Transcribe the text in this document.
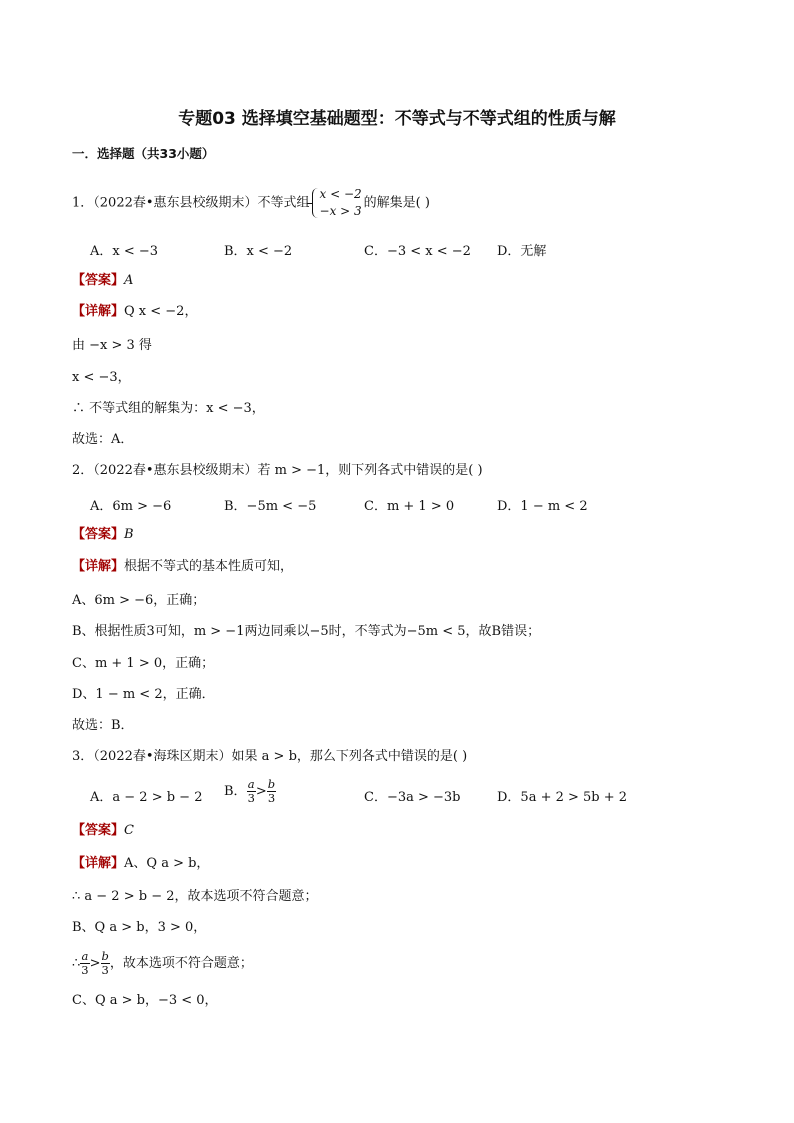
专题03 选择填空基础题型：不等式与不等式组的性质与解
一．选择题（共33小题）
1．（2022春•惠东县校级期末）不等式组
x < −2
−x > 3
的解集是( )
A．x < −3	B．x < −2	C．−3 < x < −2 D．无解
【答案】A
【详解】Q x < −2，
由 −x > 3 得
x < −3，
∴ 不等式组的解集为：x < −3，
故选：A．
2．（2022春•惠东县校级期末）若 m > −1，则下列各式中错误的是( )
A．6m > −6	B．−5m < −5	C．m + 1 > 0	D．1 − m < 2
【答案】B
【详解】根据不等式的基本性质可知，
A、6m > −6，正确；
B、根据性质3可知，m > −1两边同乘以−5时，不等式为−5m < 5，故B错误；
C、m + 1 > 0，正确；
D、1 − m < 2，正确．
故选：B．
3．（2022春•海珠区期末）如果 a > b，那么下列各式中错误的是( )
A．a − 2 > b − 2 B． $\frac{a}{3} > \frac{b}{3}$	C．−3a > −3b	D．5a + 2 > 5b + 2
【答案】C
【详解】A、Q a > b，
∴ a − 2 > b − 2，故本选项不符合题意；
B、Q a > b，3 > 0，
∴ $\frac{a}{3} > \frac{b}{3}$ ，故本选项不符合题意；
C、Q a > b，−3 < 0，
